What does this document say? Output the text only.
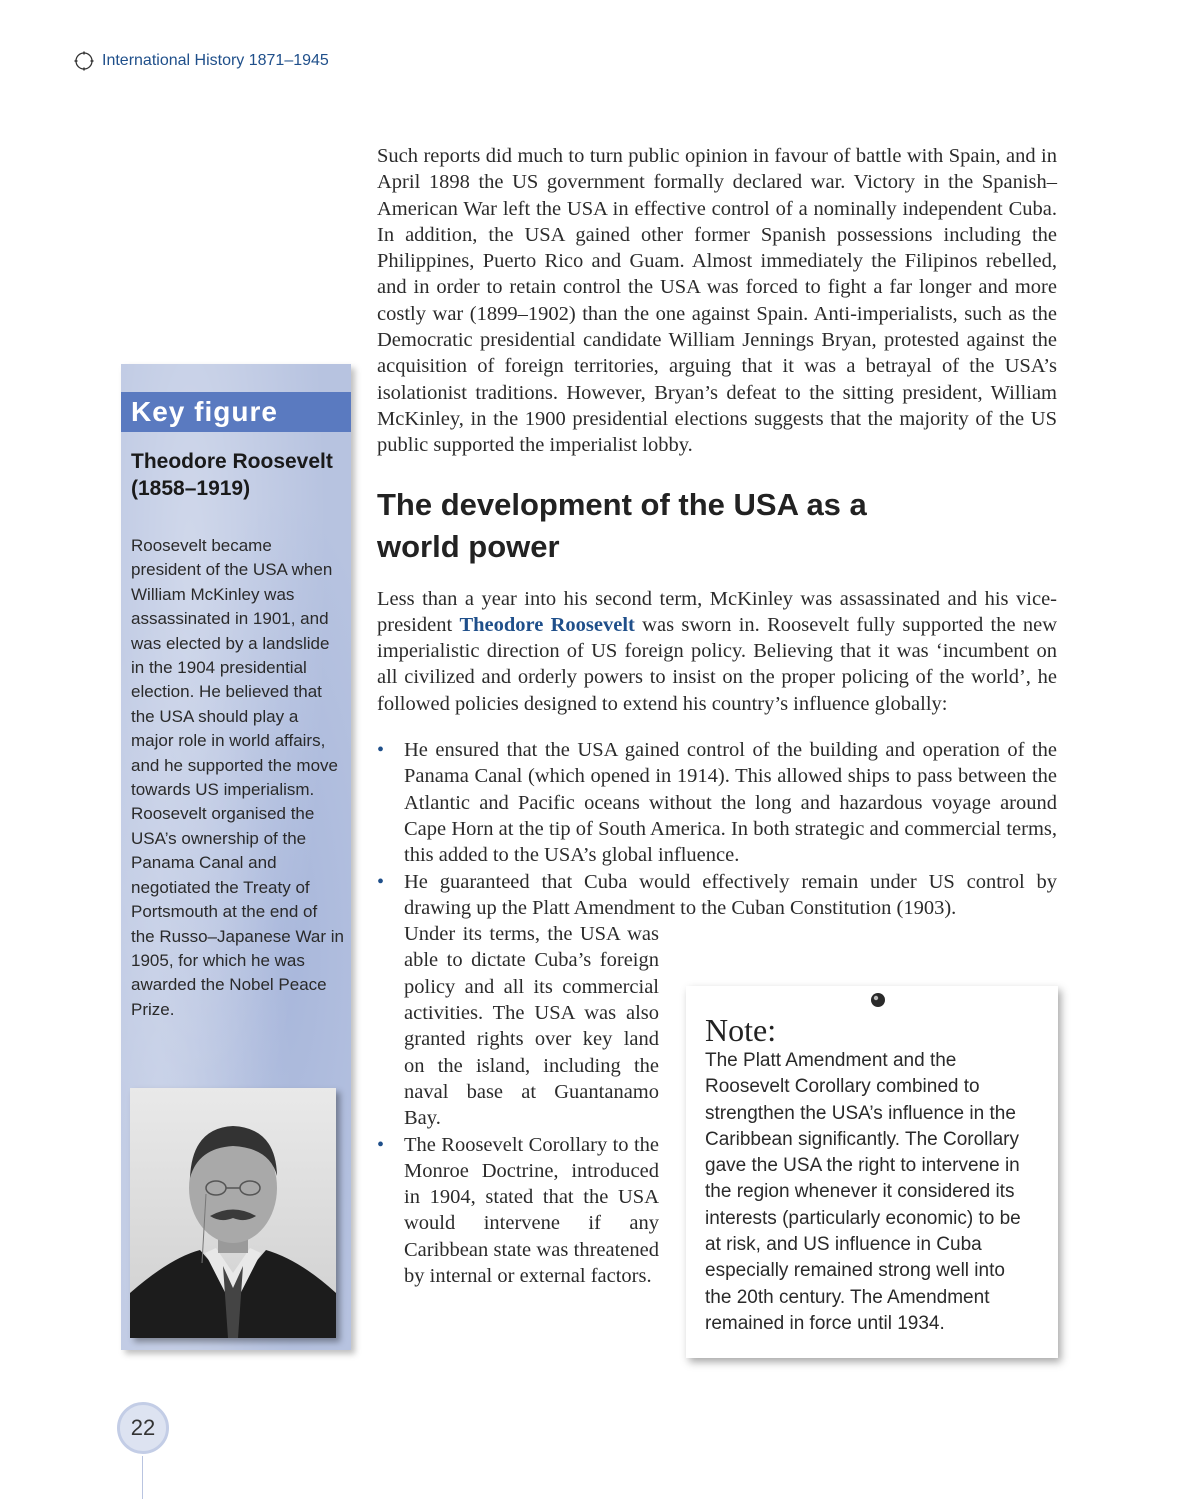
International History 1871–1945

Such reports did much to turn public opinion in favour of battle with Spain, and in April 1898 the US government formally declared war. Victory in the Spanish–American War left the USA in effective control of a nominally independent Cuba. In addition, the USA gained other former Spanish possessions including the Philippines, Puerto Rico and Guam. Almost immediately the Filipinos rebelled, and in order to retain control the USA was forced to fight a far longer and more costly war (1899–1902) than the one against Spain. Anti-imperialists, such as the Democratic presidential candidate William Jennings Bryan, protested against the acquisition of foreign territories, arguing that it was a betrayal of the USA’s isolationist traditions. However, Bryan’s defeat to the sitting president, William McKinley, in the 1900 presidential elections suggests that the majority of the US public supported the imperialist lobby.

The development of the USA as a
world power

Less than a year into his second term, McKinley was assassinated and his vice-president Theodore Roosevelt was sworn in. Roosevelt fully supported the new imperialistic direction of US foreign policy. Believing that it was ‘incumbent on all civilized and orderly powers to insist on the proper policing of the world’, he followed policies designed to extend his country’s influence globally:

• He ensured that the USA gained control of the building and operation of the Panama Canal (which opened in 1914). This allowed ships to pass between the Atlantic and Pacific oceans without the long and hazardous voyage around Cape Horn at the tip of South America. In both strategic and commercial terms, this added to the USA’s global influence.
• He guaranteed that Cuba would effectively remain under US control by drawing up the Platt Amendment to the Cuban Constitution (1903).
Under its terms, the USA was able to dictate Cuba’s foreign policy and all its commercial activities. The USA was also granted rights over key land on the island, including the naval base at Guantanamo Bay.
• The Roosevelt Corollary to the Monroe Doctrine, introduced in 1904, stated that the USA would intervene if any Caribbean state was threatened by internal or external factors.
Key figure
Theodore Roosevelt (1858–1919)
Roosevelt became president of the USA when William McKinley was assassinated in 1901, and was elected by a landslide in the 1904 presidential election. He believed that the USA should play a major role in world affairs, and he supported the move towards US imperialism. Roosevelt organised the USA’s ownership of the Panama Canal and negotiated the Treaty of Portsmouth at the end of the Russo–Japanese War in 1905, for which he was awarded the Nobel Peace Prize.
Note:
The Platt Amendment and the Roosevelt Corollary combined to strengthen the USA’s influence in the Caribbean significantly. The Corollary gave the USA the right to intervene in the region whenever it considered its interests (particularly economic) to be at risk, and US influence in Cuba especially remained strong well into the 20th century. The Amendment remained in force until 1934.
22
